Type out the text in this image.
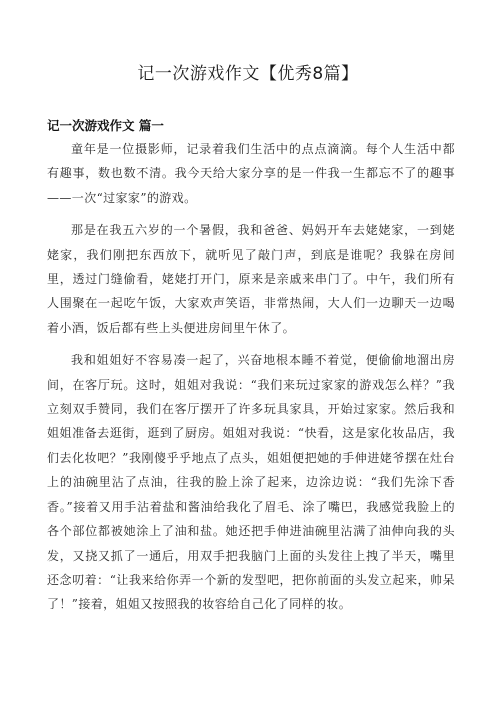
记一次游戏作文【优秀8篇】
记一次游戏作文 篇一

童年是一位摄影师，记录着我们生活中的点点滴滴。每个人生活中都有趣事，数也数不清。我今天给大家分享的是一件我一生都忘不了的趣事——一次“过家家”的游戏。

那是在我五六岁的一个暑假，我和爸爸、妈妈开车去姥姥家，一到姥姥家，我们刚把东西放下，就听见了敲门声，到底是谁呢？我躲在房间里，透过门缝偷看，姥姥打开门，原来是亲戚来串门了。中午，我们所有人围聚在一起吃午饭，大家欢声笑语，非常热闹，大人们一边聊天一边喝着小酒，饭后都有些上头便进房间里午休了。

我和姐姐好不容易凑一起了，兴奋地根本睡不着觉，便偷偷地溜出房间，在客厅玩。这时，姐姐对我说：“我们来玩过家家的游戏怎么样？”我立刻双手赞同，我们在客厅摆开了许多玩具家具，开始过家家。然后我和姐姐准备去逛街，逛到了厨房。姐姐对我说：“快看，这是家化妆品店，我们去化妆吧？”我刚傻乎乎地点了点头，姐姐便把她的手伸进姥爷摆在灶台上的油碗里沾了点油，往我的脸上涂了起来，边涂边说：“我们先涂下香香。”接着又用手沾着盐和酱油给我化了眉毛、涂了嘴巴，我感觉我脸上的各个部位都被她涂上了油和盐。她还把手伸进油碗里沾满了油伸向我的头发，又挠又抓了一通后，用双手把我脑门上面的头发往上拽了半天，嘴里还念叨着：“让我来给你弄一个新的发型吧，把你前面的头发立起来，帅呆了！”接着，姐姐又按照我的妆容给自己化了同样的妆。
